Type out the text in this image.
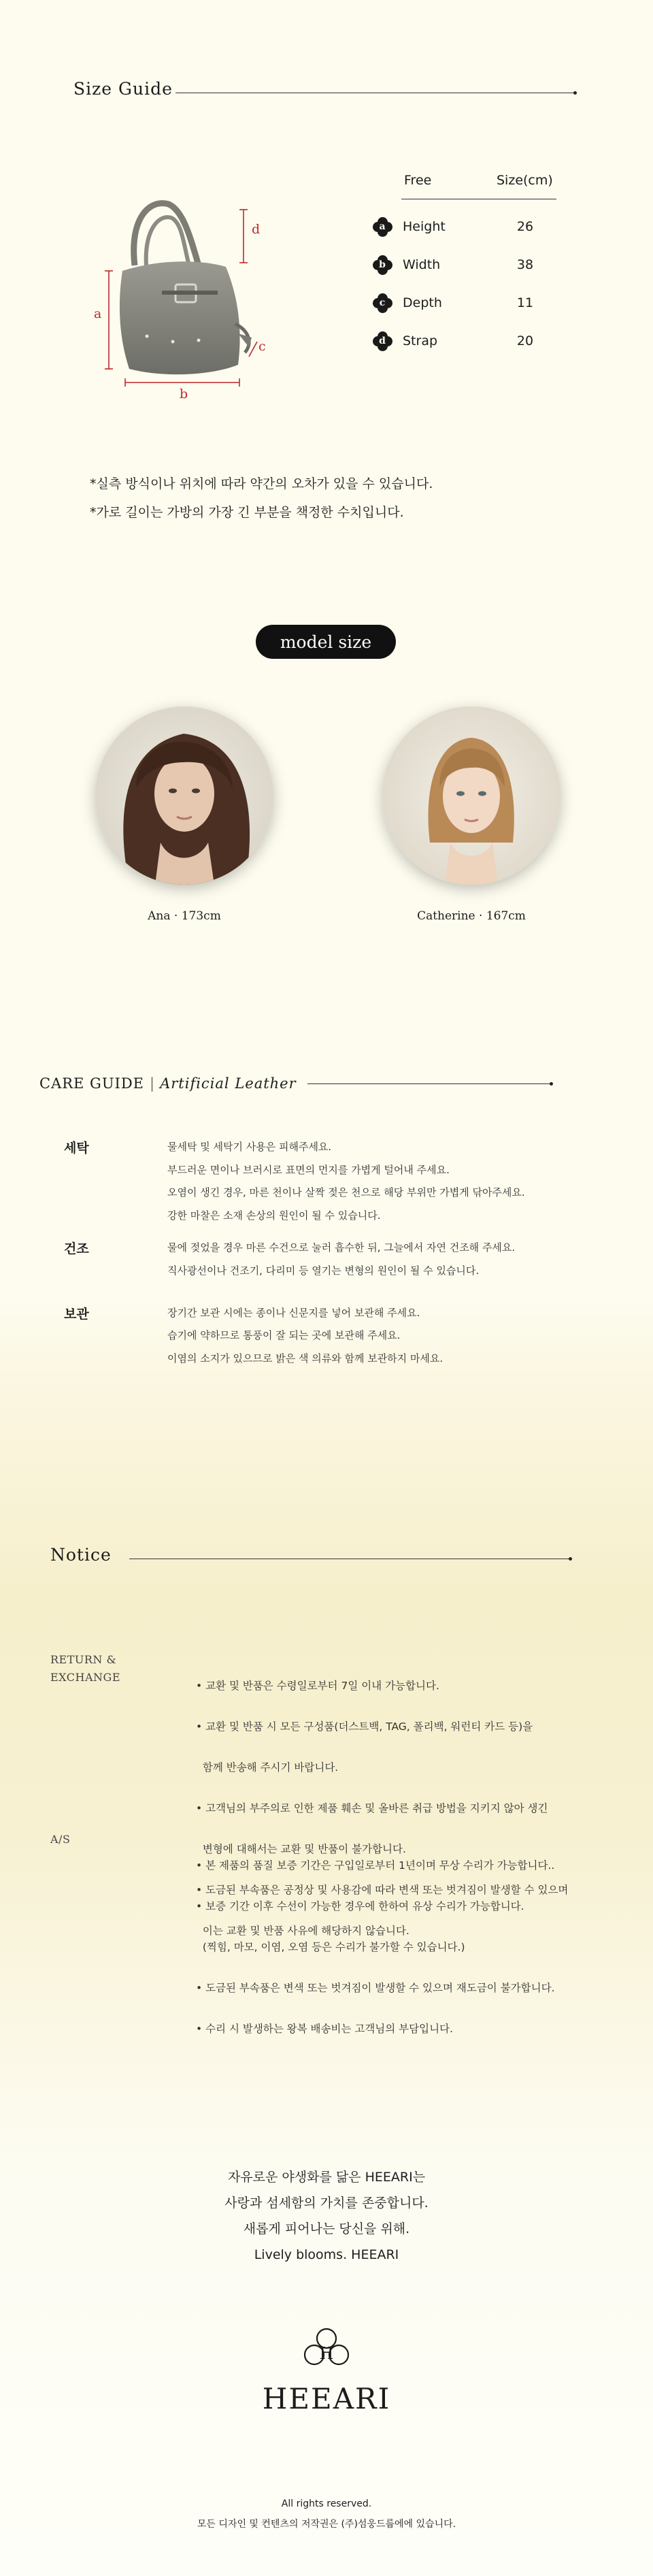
Size Guide
a
b
c
d
Free	Size(cm)
a	Height	26
b	Width	38
c	Depth	11
d	Strap	20
*실측 방식이나 위치에 따라 약간의 오차가 있을 수 있습니다.
*가로 길이는 가방의 가장 긴 부분을 책정한 수치입니다.
model size
Ana · 173cm	Catherine · 167cm
CARE GUIDE | Artificial Leather
세탁	물세탁 및 세탁기 사용은 피해주세요.
부드러운 면이나 브러시로 표면의 먼지를 가볍게 털어내 주세요.
오염이 생긴 경우, 마른 천이나 살짝 젖은 천으로 해당 부위만 가볍게 닦아주세요.
강한 마찰은 소재 손상의 원인이 될 수 있습니다.
건조	물에 젖었을 경우 마른 수건으로 눌러 흡수한 뒤, 그늘에서 자연 건조해 주세요.
직사광선이나 건조기, 다리미 등 열기는 변형의 원인이 될 수 있습니다.
보관	장기간 보관 시에는 종이나 신문지를 넣어 보관해 주세요.
습기에 약하므로 통풍이 잘 되는 곳에 보관해 주세요.
이염의 소지가 있으므로 밝은 색 의류와 함께 보관하지 마세요.
Notice
RETURN &
EXCHANGE

• 교환 및 반품은 수령일로부터 7일 이내 가능합니다.

• 교환 및 반품 시 모든 구성품(더스트백, TAG, 폴리백, 워런티 카드 등)을

함께 반송해 주시기 바랍니다.

• 고객님의 부주의로 인한 제품 훼손 및 올바른 취급 방법을 지키지 않아 생긴

변형에 대해서는 교환 및 반품이 불가합니다.

• 도금된 부속품은 공정상 및 사용감에 따라 변색 또는 벗겨짐이 발생할 수 있으며

이는 교환 및 반품 사유에 해당하지 않습니다.

A/S

• 본 제품의 품질 보증 기간은 구입일로부터 1년이며 무상 수리가 가능합니다..

• 보증 기간 이후 수선이 가능한 경우에 한하여 유상 수리가 가능합니다.

(찍힘, 마모, 이염, 오염 등은 수리가 불가할 수 있습니다.)

• 도금된 부속품은 변색 또는 벗겨짐이 발생할 수 있으며 재도금이 불가합니다.

• 수리 시 발생하는 왕복 배송비는 고객님의 부담입니다.

자유로운 야생화를 닮은 HEEARI는
사랑과 섬세함의 가치를 존중합니다.
새롭게 피어나는 당신을 위해.
Lively blooms. HEEARI
H
HEEARI
All rights reserved.
모든 디자인 및 컨텐츠의 저작권은 (주)섬웅드룹에에 있습니다.
